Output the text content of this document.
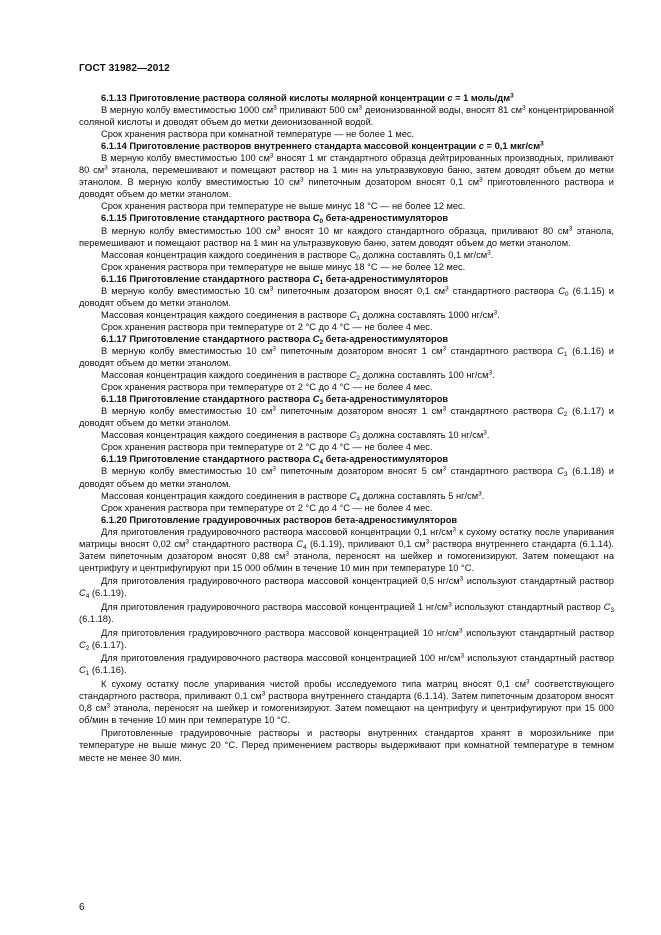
ГОСТ 31982—2012

6.1.13 Приготовление раствора соляной кислоты молярной концентрации c = 1 моль/$дм^3$

В мерную колбу вместимостью 1000 $см^3$ приливают 500 $см^3$ деионизованной воды, вносят 81 $см^3$ концентрированной соляной кислоты и доводят объем до метки деионизованной водой.

Срок хранения раствора при комнатной температуре — не более 1 мес.

6.1.14 Приготовление растворов внутреннего стандарта массовой концентрации c = 0,1 мкг/$см^3$

В мерную колбу вместимостью 100 $см^3$ вносят 1 мг стандартного образца дейтрированных производных, приливают 80 $см^3$ этанола, перемешивают и помещают раствор на 1 мин на ультразвуковую баню, затем доводят объем до метки этанолом. В мерную колбу вместимостью 10 $см^3$ пипеточным дозатором вносят 0,1 $см^3$ приготовленного раствора и доводят объем до метки этанолом.

Срок хранения раствора при температуре не выше минус 18 °C — не более 12 мес.

6.1.15 Приготовление стандартного раствора $C_0$ бета-адреностимуляторов

В мерную колбу вместимостью 100 $см^3$ вносят 10 мг каждого стандартного образца, приливают 80 $см^3$ этанола, перемешивают и помещают раствор на 1 мин на ультразвуковую баню, затем доводят объем до метки этанолом.

Массовая концентрация каждого соединения в растворе $C_0$ должна составлять 0,1 $мг/см^3$.

Срок хранения раствора при температуре не выше минус 18 °C — не более 12 мес.

6.1.16 Приготовление стандартного раствора $C_1$ бета-адреностимуляторов

В мерную колбу вместимостью 10 $см^3$ пипеточным дозатором вносят 0,1 $см^3$ стандартного раствора $C_0$ (6.1.15) и доводят объем до метки этанолом.

Массовая концентрация каждого соединения в растворе $C_1$ должна составлять 1000 $нг/см^3$.

Срок хранения раствора при температуре от 2 °C до 4 °C — не более 4 мес.

6.1.17 Приготовление стандартного раствора $C_2$ бета-адреностимуляторов

В мерную колбу вместимостью 10 $см^3$ пипеточным дозатором вносят 1 $см^3$ стандартного раствора $C_1$ (6.1.16) и доводят объем до метки этанолом.

Массовая концентрация каждого соединения в растворе $C_2$ должна составлять 100 $нг/см^3$.

Срок хранения раствора при температуре от 2 °C до 4 °C — не более 4 мес.

6.1.18 Приготовление стандартного раствора $C_3$ бета-адреностимуляторов

В мерную колбу вместимостью 10 $см^3$ пипеточным дозатором вносят 1 $см^3$ стандартного раствора $C_2$ (6.1.17) и доводят объем до метки этанолом.

Массовая концентрация каждого соединения в растворе $C_3$ должна составлять 10 $нг/см^3$.

Срок хранения раствора при температуре от 2 °C до 4 °C — не более 4 мес.

6.1.19 Приготовление стандартного раствора $C_4$ бета-адреностимуляторов

В мерную колбу вместимостью 10 $см^3$ пипеточным дозатором вносят 5 $см^3$ стандартного раствора $C_3$ (6.1.18) и доводят объем до метки этанолом.

Массовая концентрация каждого соединения в растворе $C_4$ должна составлять 5 $нг/см^3$.

Срок хранения раствора при температуре от 2 °C до 4 °C — не более 4 мес.

6.1.20 Приготовление градуировочных растворов бета-адреностимуляторов

Для приготовления градуировочного раствора массовой концентрации 0,1 $нг/см^3$ к сухому остатку после упаривания матрицы вносят 0,02 $см^3$ стандартного раствора $C_4$ (6.1.19), приливают 0,1 $см^3$ раствора внутреннего стандарта (6.1.14). Затем пипеточным дозатором вносят 0,88 $см^3$ этанола, переносят на шейкер и гомогенизируют. Затем помещают на центрифугу и центрифугируют при 15 000 об/мин в течение 10 мин при температуре 10 °C.

Для приготовления градуировочного раствора массовой концентрацией 0,5 $нг/см^3$ используют стандартный раствор $C_4$ (6.1.19).

Для приготовления градуировочного раствора массовой концентрацией 1 $нг/см^3$ используют стандартный раствор $C_3$ (6.1.18).

Для приготовления градуировочного раствора массовой концентрацией 10 $нг/см^3$ используют стандартный раствор $C_2$ (6.1.17).

Для приготовления градуировочного раствора массовой концентрацией 100 $нг/см^3$ используют стандартный раствор $C_1$ (6.1.16).

К сухому остатку после упаривания чистой пробы исследуемого типа матриц вносят 0,1 $см^3$ соответствующего стандартного раствора, приливают 0,1 $см^3$ раствора внутреннего стандарта (6.1.14). Затем пипеточным дозатором вносят 0,8 $см^3$ этанола, переносят на шейкер и гомогенизируют. Затем помещают на центрифугу и центрифугируют при 15 000 об/мин в течение 10 мин при температуре 10 °C.

Приготовленные градуировочные растворы и растворы внутренних стандартов хранят в морозильнике при температуре не выше минус 20 °C. Перед применением растворы выдерживают при комнатной температуре в темном месте не менее 30 мин.

6
